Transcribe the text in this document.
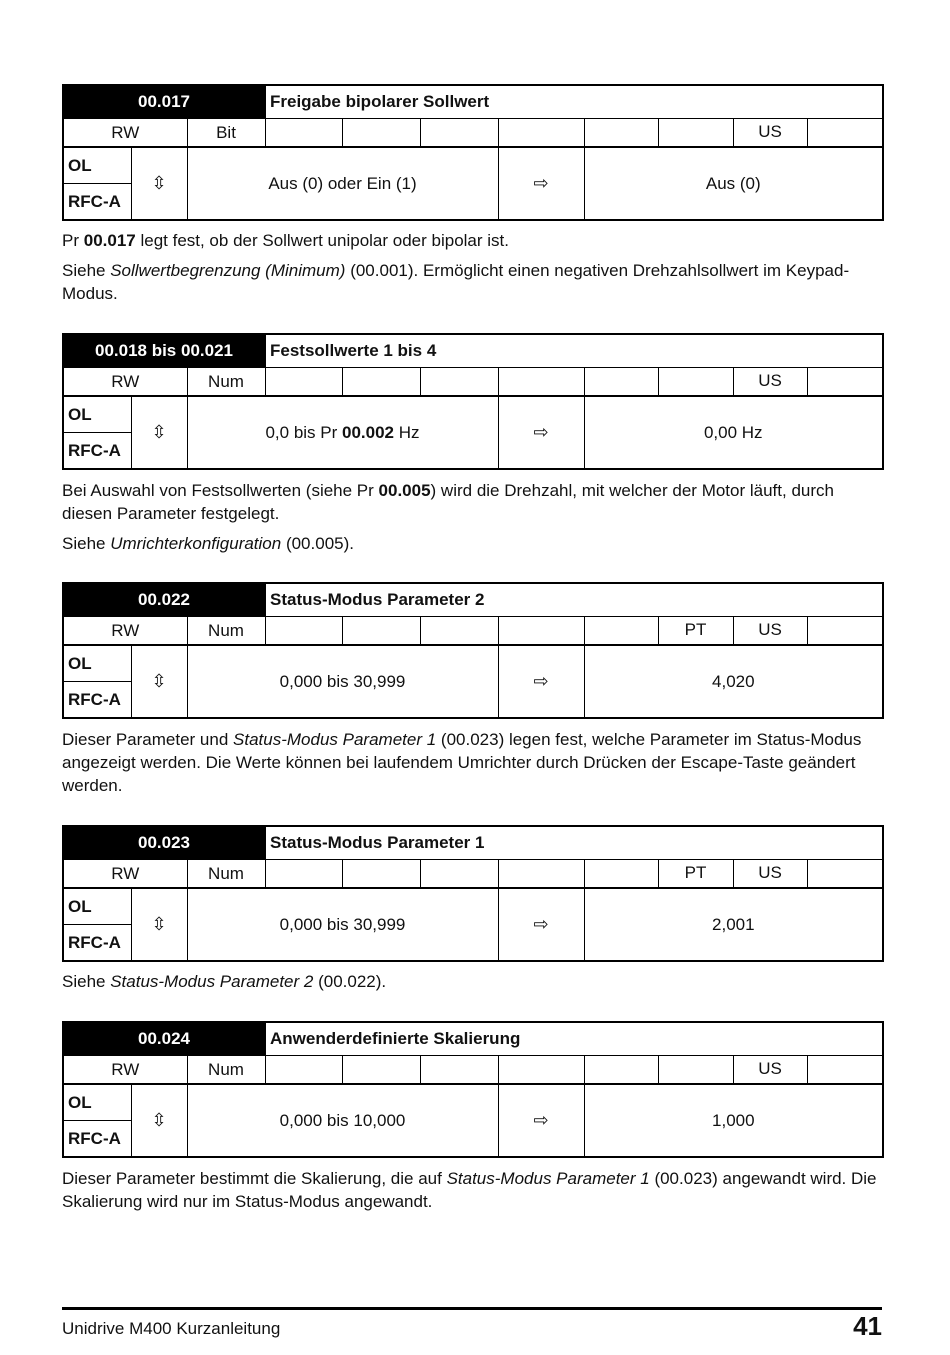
00.017			Freigabe bipolarer Sollwert							
RW		Bit							US	
OL	⇳	Aus (0) oder Ein (1)				⇨	Aus (0)			
RFC-A										

Pr 00.017 legt fest, ob der Sollwert unipolar oder bipolar ist.

Siehe Sollwertbegrenzung (Minimum) (00.001). Ermöglicht einen negativen Drehzahlsollwert im Keypad-Modus.

00.018 bis 00.021			Festsollwerte 1 bis 4							
RW		Num							US	
OL	⇳	0,0 bis Pr 00.002 Hz				⇨	0,00 Hz			
RFC-A										

Bei Auswahl von Festsollwerten (siehe Pr 00.005) wird die Drehzahl, mit welcher der Motor läuft, durch diesen Parameter festgelegt.

Siehe Umrichterkonfiguration (00.005).

00.022			Status-Modus Parameter 2							
RW		Num						PT	US	
OL	⇳	0,000 bis 30,999				⇨	4,020			
RFC-A										

Dieser Parameter und Status-Modus Parameter 1 (00.023) legen fest, welche Parameter im Status-Modus angezeigt werden. Die Werte können bei laufendem Umrichter durch Drücken der Escape-Taste geändert werden.

00.023			Status-Modus Parameter 1							
RW		Num						PT	US	
OL	⇳	0,000 bis 30,999				⇨	2,001			
RFC-A										

Siehe Status-Modus Parameter 2 (00.022).

00.024			Anwenderdefinierte Skalierung							
RW		Num							US	
OL	⇳	0,000 bis 10,000				⇨	1,000			
RFC-A										

Dieser Parameter bestimmt die Skalierung, die auf Status-Modus Parameter 1 (00.023) angewandt wird. Die Skalierung wird nur im Status-Modus angewandt.

Unidrive M400 Kurzanleitung	41
